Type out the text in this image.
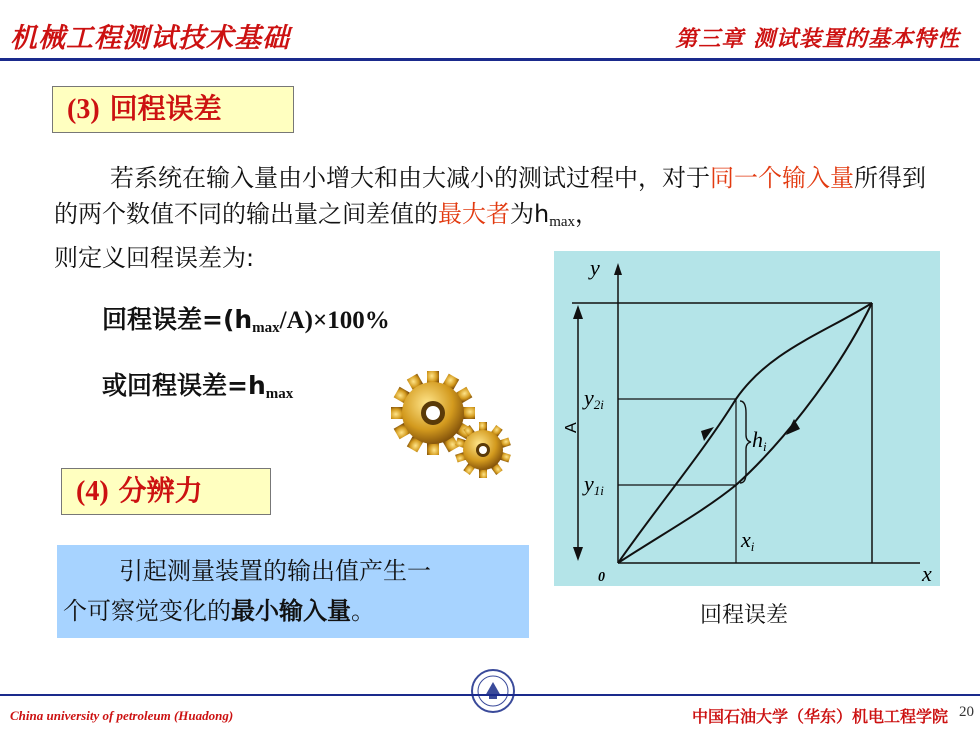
机械工程测试技术基础	第三章 测试装置的基本特性
(3) 回程误差
若系统在输入量由小增大和由大减小的测试过程中，对于同一个输入量所得到的两个数值不同的输出量之间差值的最大者为$h_{max}$，
则定义回程误差为:
回程误差$=(h_{max}/A)\times 100\%$
或回程误差$=h_{max}$
(4) 分辨力
引起测量装置的输出值产生一
个可察觉变化的最小输入量。
A
y
x
0
y2i
y1i
hi
xi
回程误差
China university of petroleum (Huadong)	中国石油大学（华东）机电工程学院 20
